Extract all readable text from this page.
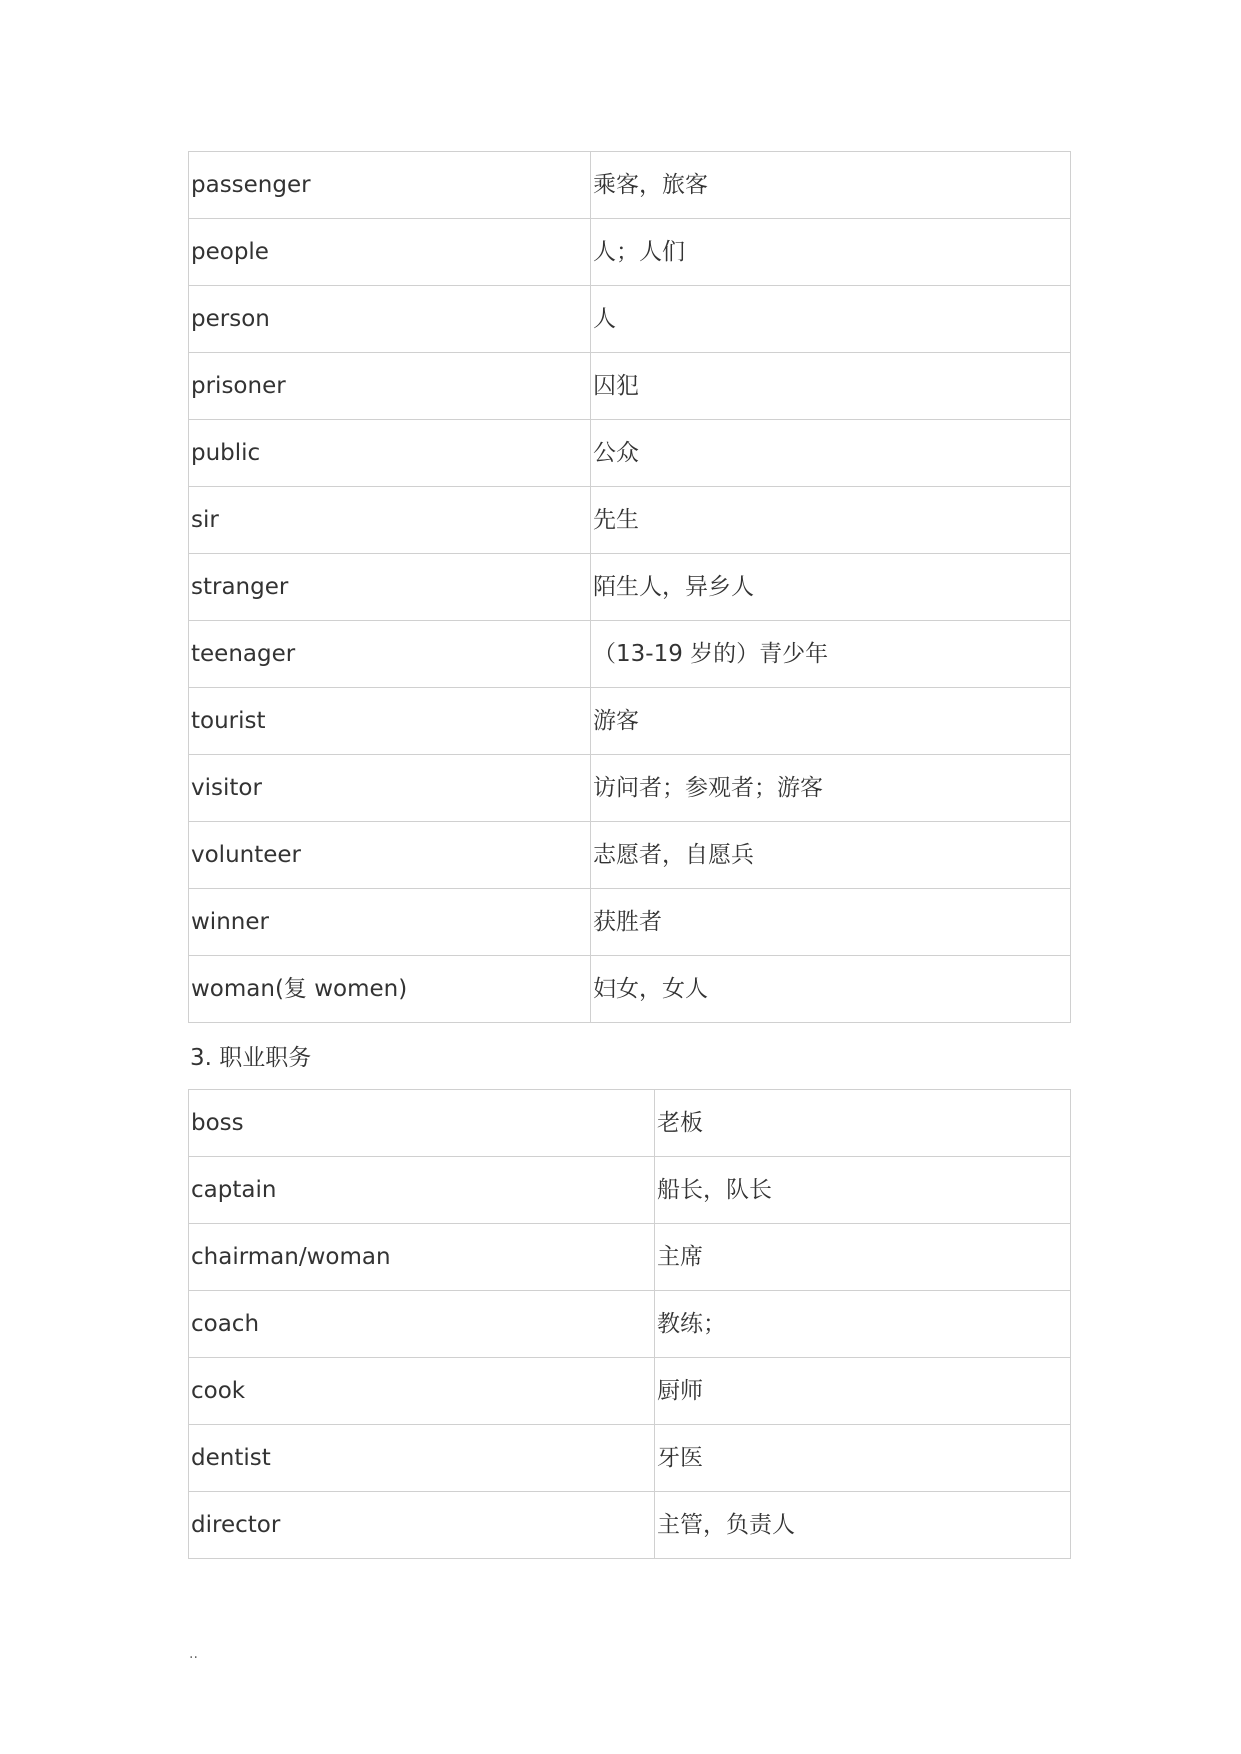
passenger	乘客，旅客
people	人；人们
person	人
prisoner	囚犯
public	公众
sir	先生
stranger	陌生人，异乡人
teenager	（13-19 岁的）青少年
tourist	游客
visitor	访问者；参观者；游客
volunteer	志愿者，自愿兵
winner	获胜者
woman(复 women)	妇女，女人
3. 职业职务
boss	老板
captain	船长，队长
chairman/woman	主席
coach	教练；
cook	厨师
dentist	牙医
director	主管，负责人
..
